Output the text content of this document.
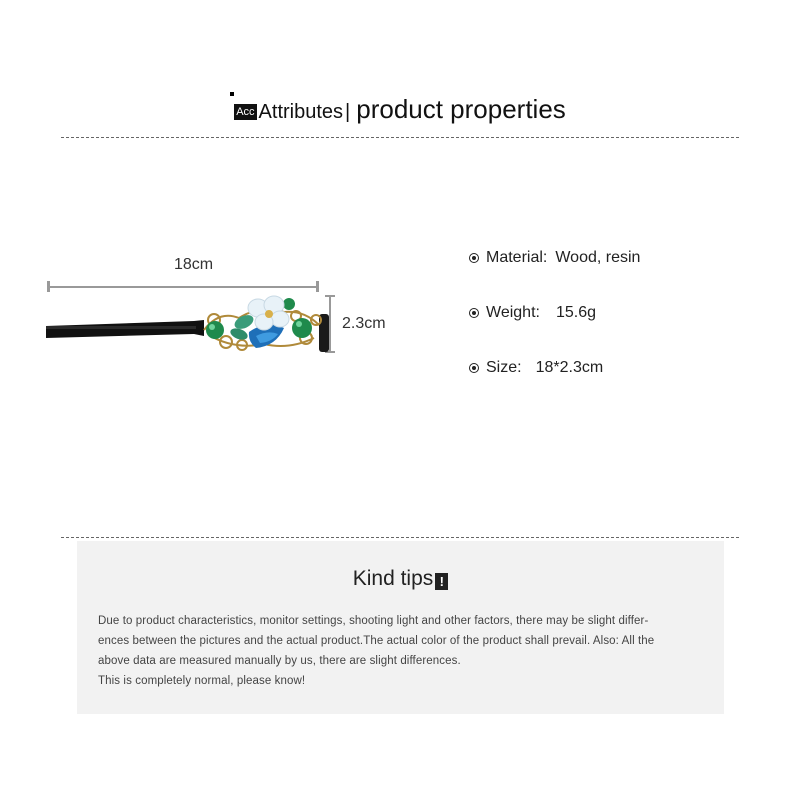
Acc Attributes | product properties
18cm
2.3cm
Material: Wood, resin
Weight: 15.6g
Size: 18*2.3cm
Kind tips !
Due to product characteristics, monitor settings, shooting light and other factors, there may be slight differ-
ences between the pictures and the actual product.The actual color of the product shall prevail. Also: All the
above data are measured manually by us, there are slight differences.
This is completely normal, please know!
